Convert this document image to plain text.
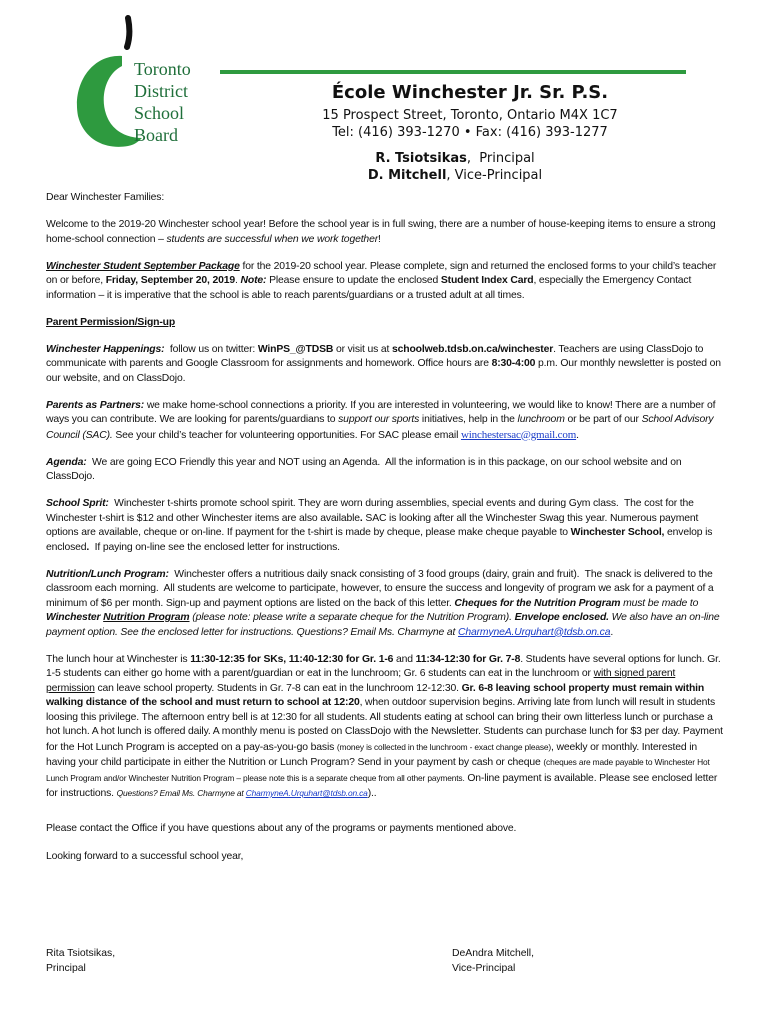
Toronto
District
School
Board
École Winchester Jr. Sr. P.S.
15 Prospect Street, Toronto, Ontario M4X 1C7
Tel: (416) 393-1270 • Fax: (416) 393-1277
R. Tsiotsikas,  Principal
D. Mitchell, Vice-Principal

Dear Winchester Families:

Welcome to the 2019-20 Winchester school year! Before the school year is in full swing, there are a number of house-keeping items to ensure a strong home-school connection – students are successful when we work together!

Winchester Student September Package for the 2019-20 school year. Please complete, sign and returned the enclosed forms to your child’s teacher on or before, Friday, September 20, 2019. Note: Please ensure to update the enclosed Student Index Card, especially the Emergency Contact information – it is imperative that the school is able to reach parents/guardians or a trusted adult at all times.

Parent Permission/Sign-up

Winchester Happenings:  follow us on twitter: WinPS_@TDSB or visit us at schoolweb.tdsb.on.ca/winchester. Teachers are using ClassDojo to communicate with parents and Google Classroom for assignments and homework. Office hours are 8:30-4:00 p.m. Our monthly newsletter is posted on our website, and on ClassDojo.

Parents as Partners: we make home-school connections a priority. If you are interested in volunteering, we would like to know! There are a number of ways you can contribute. We are looking for parents/guardians to support our sports initiatives, help in the lunchroom or be part of our School Advisory Council (SAC). See your child’s teacher for volunteering opportunities. For SAC please email winchestersac@gmail.com.

Agenda:  We are going ECO Friendly this year and NOT using an Agenda.  All the information is in this package, on our school website and on ClassDojo.

School Sprit:  Winchester t-shirts promote school spirit. They are worn during assemblies, special events and during Gym class.  The cost for the Winchester t-shirt is $12 and other Winchester items are also available. SAC is looking after all the Winchester Swag this year. Numerous payment options are available, cheque or on-line. If payment for the t-shirt is made by cheque, please make cheque payable to Winchester School, envelop is enclosed.  If paying on-line see the enclosed letter for instructions.

Nutrition/Lunch Program:  Winchester offers a nutritious daily snack consisting of 3 food groups (dairy, grain and fruit).  The snack is delivered to the classroom each morning.  All students are welcome to participate, however, to ensure the success and longevity of program we ask for a payment of a minimum of $6 per month. Sign-up and payment options are listed on the back of this letter. Cheques for the Nutrition Program must be made to Winchester Nutrition Program (please note: please write a separate cheque for the Nutrition Program). Envelope enclosed. We also have an on-line payment option. See the enclosed letter for instructions. Questions? Email Ms. Charmyne at CharmyneA.Urquhart@tdsb.on.ca.

The lunch hour at Winchester is 11:30-12:35 for SKs, 11:40-12:30 for Gr. 1-6 and 11:34-12:30 for Gr. 7-8. Students have several options for lunch. Gr. 1-5 students can either go home with a parent/guardian or eat in the lunchroom; Gr. 6 students can eat in the lunchroom or with signed parent permission can leave school property. Students in Gr. 7-8 can eat in the lunchroom 12-12:30. Gr. 6-8 leaving school property must remain within walking distance of the school and must return to school at 12:20, when outdoor supervision begins. Arriving late from lunch will result in students loosing this privilege. The afternoon entry bell is at 12:30 for all students. All students eating at school can bring their own litterless lunch or purchase a hot lunch. A hot lunch is offered daily. A monthly menu is posted on ClassDojo with the Newsletter. Students can purchase lunch for $3 per day. Payment for the Hot Lunch Program is accepted on a pay-as-you-go basis (money is collected in the lunchroom - exact change please), weekly or monthly. Interested in having your child participate in either the Nutrition or Lunch Program? Send in your payment by cash or cheque (cheques are made payable to Winchester Hot Lunch Program and/or Winchester Nutrition Program – please note this is a separate cheque from all other payments. On-line payment is available. Please see enclosed letter for instructions. Questions? Email Ms. Charmyne at CharmyneA.Urquhart@tdsb.on.ca)..

Please contact the Office if you have questions about any of the programs or payments mentioned above.

Looking forward to a successful school year,

Rita Tsiotsikas,
Principal
DeAndra Mitchell,
Vice-Principal
